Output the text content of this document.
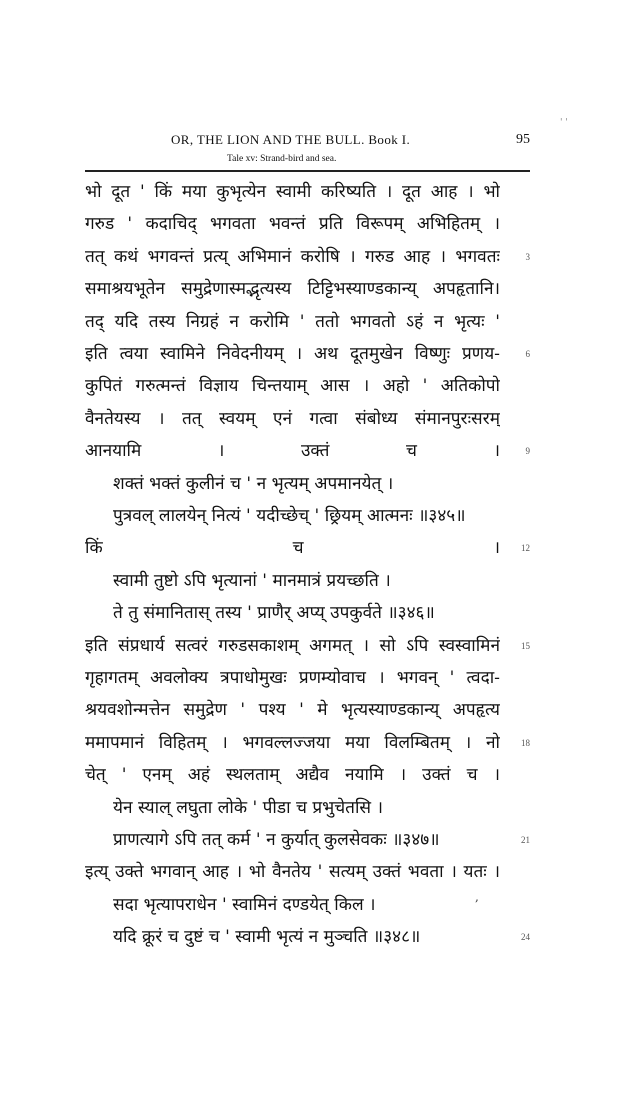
' '
OR, THE LION AND THE BULL. Book I.	95
Tale xv: Strand-bird and sea.
भो दूत ' किं मया कुभृत्येन स्वामी करिष्यति । दूत आह । भो
गरुड ' कदाचिद् भगवता भवन्तं प्रति विरूपम् अभिहितम् ।
तत् कथं भगवन्तं प्रत्य् अभिमानं करोषि । गरुड आह । भगवतः	3
समाश्रयभूतेन समुद्रेणास्मद्भृत्यस्य टिट्टिभस्याण्डकान्य् अपहृतानि।
तद् यदि तस्य निग्रहं न करोमि ' ततो भगवतो ऽहं न भृत्यः '
इति त्वया स्वामिने निवेदनीयम् । अथ दूतमुखेन विष्णुः प्रणय-	6
कुपितं गरुत्मन्तं विज्ञाय चिन्तयाम् आस । अहो ' अतिकोपो
वैनतेयस्य । तत् स्वयम् एनं गत्वा संबोध्य संमानपुरःसरम्
आनयामि । उक्तं च ।	9
शक्तं भक्तं कुलीनं च ' न भृत्यम् अपमानयेत् ।
पुत्रवल् लालयेन् नित्यं ' यदीच्छेच् ' छ्रियम् आत्मनः ॥३४५॥
किं च । 12
स्वामी तुष्टो ऽपि भृत्यानां ' मानमात्रं प्रयच्छति ।
ते तु संमानितास् तस्य ' प्राणैर् अप्य् उपकुर्वते ॥३४६॥
इति संप्रधार्य सत्वरं गरुडसकाशम् अगमत् । सो ऽपि स्वस्वामिनं 15
गृहागतम् अवलोक्य त्रपाधोमुखः प्रणम्योवाच । भगवन् ' त्वदा-
श्रयवशोन्मत्तेन समुद्रेण ' पश्य ' मे भृत्यस्याण्डकान्य् अपहृत्य
ममापमानं विहितम् । भगवल्लज्जया मया विलम्बितम् । नो 18
चेत् ' एनम् अहं स्थलताम् अद्यैव नयामि । उक्तं च ।
येन स्याल् लघुता लोके ' पीडा च प्रभुचेतसि ।
प्राणत्यागे ऽपि तत् कर्म ' न कुर्यात् कुलसेवकः ॥३४७॥	21
इत्य् उक्ते भगवान् आह । भो वैनतेय ' सत्यम् उक्तं भवता । यतः ।
सदा भृत्यापराधेन ' स्वामिनं दण्डयेत् किल ।
यदि क्रूरं च दुष्टं च ' स्वामी भृत्यं न मुञ्चति ॥३४८॥	24
,
